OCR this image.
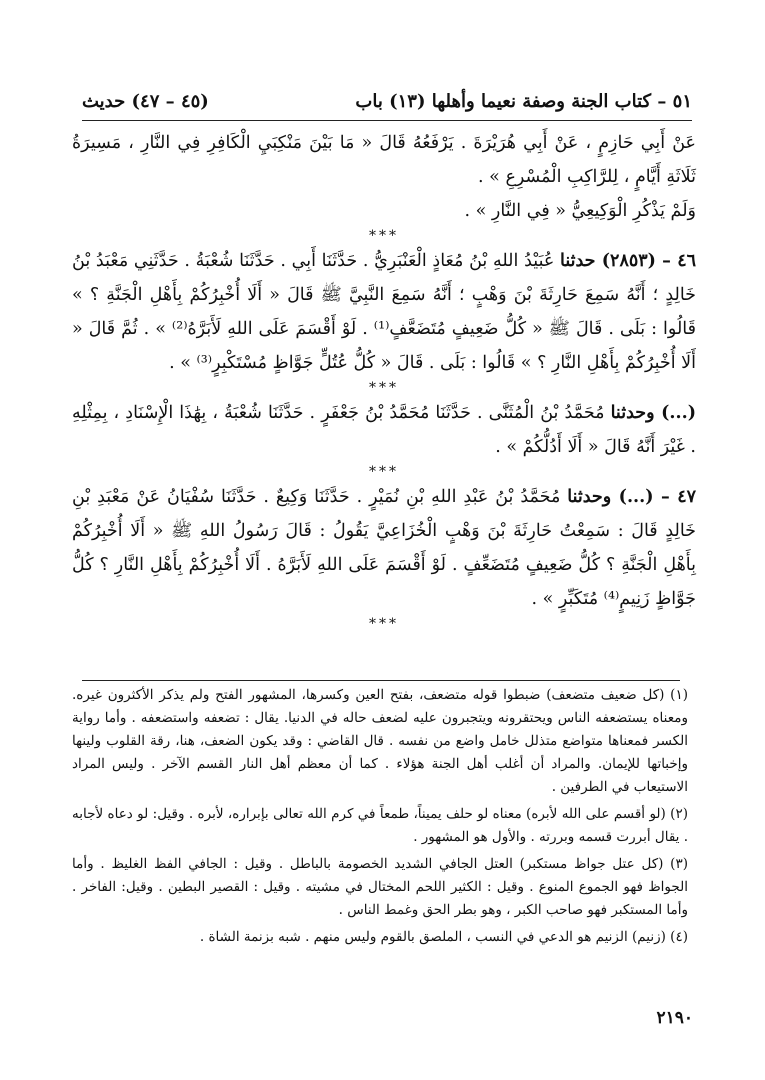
٥١ – كتاب الجنة وصفة نعيما وأهلها (١٣) باب
(٤٥ – ٤٧) حديث

عَنْ أَبِي حَازِمٍ ، عَنْ أَبِي هُرَيْرَةَ . يَرْفَعُهُ قَالَ « مَا بَيْنَ مَنْكِبَيِ الْكَافِرِ فِي النَّارِ ، مَسِيرَةُ ثَلَاثَةِ أَيَّامٍ ، لِلرَّاكِبِ الْمُسْرِعِ » .

وَلَمْ يَذْكُرِ الْوَكِيعِيُّ « فِي النَّارِ » .

***

٤٦ – (٢٨٥٣) حدثنا عُبَيْدُ اللهِ بْنُ مُعَاذٍ الْعَنْبَرِيُّ . حَدَّثَنَا أَبِي . حَدَّثَنَا شُعْبَةُ . حَدَّثَنِي مَعْبَدُ بْنُ خَالِدٍ ؛ أَنَّهُ سَمِعَ حَارِثَةَ بْنَ وَهْبٍ ؛ أَنَّهُ سَمِعَ النَّبِيَّ ﷺ قَالَ « أَلَا أُخْبِرُكُمْ بِأَهْلِ الْجَنَّةِ ؟ » قَالُوا : بَلَى . قَالَ ﷺ « كُلُّ ضَعِيفٍ مُتَضَعَّفٍ⁽¹⁾ . لَوْ أَقْسَمَ عَلَى اللهِ لَأَبَرَّهُ⁽²⁾ » . ثُمَّ قَالَ « أَلَا أُخْبِرُكُمْ بِأَهْلِ النَّارِ ؟ » قَالُوا : بَلَى . قَالَ « كُلُّ عُتُلٍّ جَوَّاظٍ مُسْتَكْبِرٍ⁽³⁾ » .

***

(...) وحدثنا مُحَمَّدُ بْنُ الْمُثَنَّى . حَدَّثَنَا مُحَمَّدُ بْنُ جَعْفَرٍ . حَدَّثَنَا شُعْبَةُ ، بِهَٰذَا الْإِسْنَادِ ، بِمِثْلِهِ . غَيْرَ أَنَّهُ قَالَ « أَلَا أَدُلُّكُمْ » .

***

٤٧ – (...) وحدثنا مُحَمَّدُ بْنُ عَبْدِ اللهِ بْنِ نُمَيْرٍ . حَدَّثَنَا وَكِيعٌ . حَدَّثَنَا سُفْيَانُ عَنْ مَعْبَدِ بْنِ خَالِدٍ قَالَ : سَمِعْتُ حَارِثَةَ بْنَ وَهْبٍ الْخُزَاعِيَّ يَقُولُ : قَالَ رَسُولُ اللهِ ﷺ « أَلَا أُخْبِرُكُمْ بِأَهْلِ الْجَنَّةِ ؟ كُلُّ ضَعِيفٍ مُتَضَعِّفٍ . لَوْ أَقْسَمَ عَلَى اللهِ لَأَبَرَّهُ . أَلَا أُخْبِرُكُمْ بِأَهْلِ النَّارِ ؟ كُلُّ جَوَّاظٍ زَنِيمٍ⁽⁴⁾ مُتَكَبِّرٍ » .

***

(١) (كل ضعيف متضعف) ضبطوا قوله متضعف، بفتح العين وكسرها، المشهور الفتح ولم يذكر الأكثرون غيره. ومعناه يستضعفه الناس ويحتقرونه ويتجبرون عليه لضعف حاله في الدنيا. يقال : تضعفه واستضعفه . وأما رواية الكسر فمعناها متواضع متذلل خامل واضع من نفسه . قال القاضي : وقد يكون الضعف، هنا، رقة القلوب ولينها وإخباتها للإيمان. والمراد أن أغلب أهل الجنة هؤلاء . كما أن معظم أهل النار القسم الآخر . وليس المراد الاستيعاب في الطرفين .

(٢) (لو أقسم على الله لأبره) معناه لو حلف يميناً، طمعاً في كرم الله تعالى بإبراره، لأبره . وقيل: لو دعاه لأجابه . يقال أبررت قسمه وبررته . والأول هو المشهور .

(٣) (كل عتل جواظ مستكبر) العتل الجافي الشديد الخصومة بالباطل . وقيل : الجافي الفظ الغليظ . وأما الجواظ فهو الجموع المنوع . وقيل : الكثير اللحم المختال في مشيته . وقيل : القصير البطين . وقيل: الفاخر . وأما المستكبر فهو صاحب الكبر ، وهو بطر الحق وغمط الناس .

(٤) (زنيم) الزنيم هو الدعي في النسب ، الملصق بالقوم وليس منهم . شبه بزنمة الشاة .

٢١٩٠
